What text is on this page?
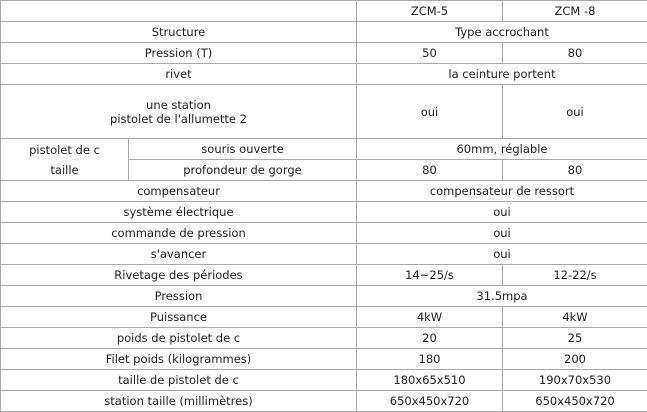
		ZCM-5	ZCM -8
Structure		Type accrochant	
Pression (T)		50	80
rivet		la ceinture portent	
une station
pistolet de l'allumette 2		oui	oui
pistolet de c
taille	souris ouverte	60mm, réglable	
	profondeur de gorge	80	80
compensateur		compensateur de ressort	
système électrique		oui	
commande de pression		oui	
s'avancer		oui	
Rivetage des périodes		14~25/s	12-22/s
Pression		31.5mpa	
Puissance		4kW	4kW
poids de pistolet de c		20	25
Filet poids (kilogrammes)		180	200
taille de pistolet de c		180x65x510	190x70x530
station taille (millimètres)		650x450x720	650x450x720
